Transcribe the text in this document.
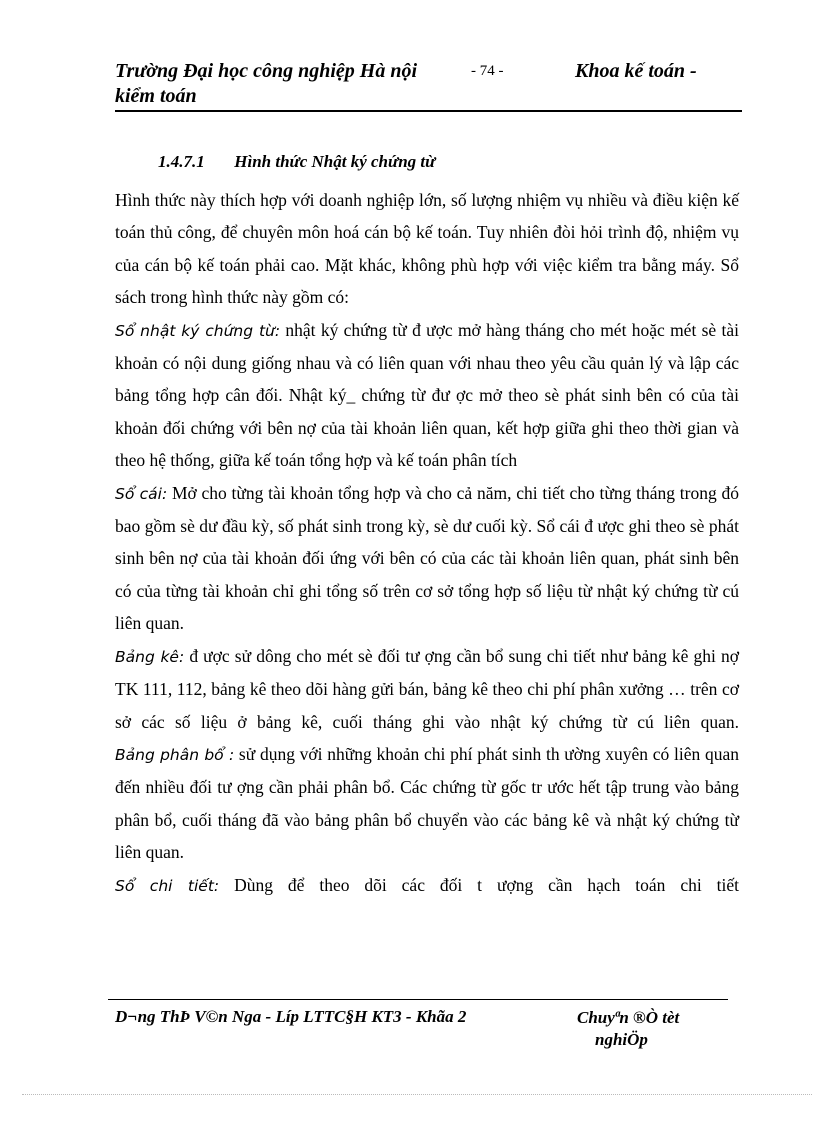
Trường Đại học công nghiệp Hà nội	- 74 -	Khoa kế toán -
kiểm toán
1.4.7.1 Hình thức Nhật ký chứng từ

Hình thức này thích hợp với doanh nghiệp lớn, số lượng nhiệm vụ nhiều và điều kiện kế toán thủ công, để chuyên môn hoá cán bộ kế toán. Tuy nhiên đòi hỏi trình độ, nhiệm vụ của cán bộ kế toán phải cao. Mặt khác, không phù hợp với việc kiểm tra bằng máy. Sổ sách trong hình thức này gồm có:

Sổ nhật ký chứng từ: nhật ký chứng từ đ ược mở hàng tháng cho mét hoặc mét sè tài khoản có nội dung giống nhau và có liên quan với nhau theo yêu cầu quản lý và lập các bảng tổng hợp cân đối. Nhật ký_ chứng từ đư ợc mở theo sè phát sinh bên có của tài khoản đối chứng với bên nợ của tài khoản liên quan, kết hợp giữa ghi theo thời gian và theo hệ thống, giữa kế toán tổng hợp và kế toán phân tích

Sổ cái: Mở cho từng tài khoản tổng hợp và cho cả năm, chi tiết cho từng tháng trong đó bao gồm sè dư đầu kỳ, số phát sinh trong kỳ, sè dư cuối kỳ. Sổ cái đ ược ghi theo sè phát sinh bên nợ của tài khoản đối ứng với bên có của các tài khoản liên quan, phát sinh bên có của từng tài khoản chỉ ghi tổng số trên cơ sở tổng hợp số liệu từ nhật ký chứng từ cú liên quan.

Bảng kê: đ ược sử dông cho mét sè đối tư ợng cần bổ sung chi tiết như bảng kê ghi nợ TK 111, 112, bảng kê theo dõi hàng gửi bán, bảng kê theo chi phí phân xưởng … trên cơ sở các số liệu ở bảng kê, cuối tháng ghi vào nhật ký chứng từ cú liên quan.

Bảng phân bổ : sử dụng với những khoản chi phí phát sinh th ường xuyên có liên quan đến nhiều đối tư ợng cần phải phân bổ. Các chứng từ gốc tr ước hết tập trung vào bảng phân bổ, cuối tháng đã vào bảng phân bổ chuyển vào các bảng kê và nhật ký chứng từ liên quan.

Sổ chi tiết: Dùng để theo dõi các đối t ượng cần hạch toán chi tiết

D¬ng ThÞ V©n Nga - Líp LTTC§H KT3 - Khãa 2	Chuyªn ®Ò tèt
nghiÖp
